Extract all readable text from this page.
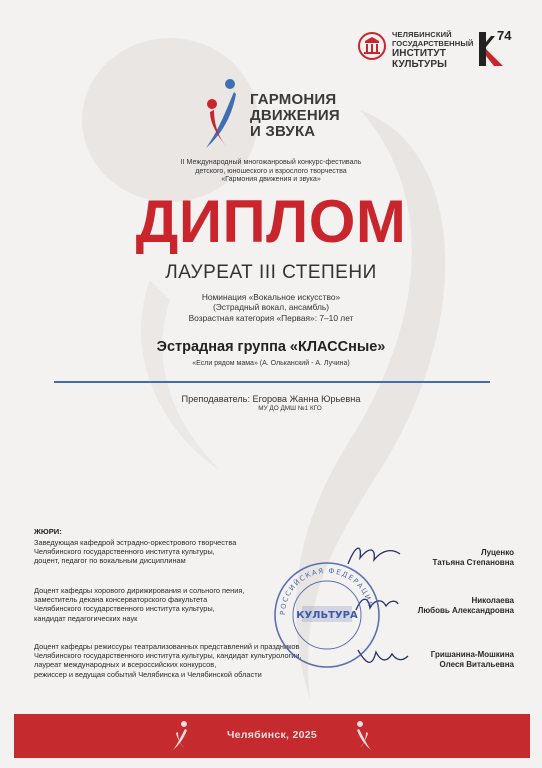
ЧЕЛЯБИНСКИЙ
ГОСУДАРСТВЕННЫЙ
ИНСТИТУТ
КУЛЬТУРЫ
74
ГАРМОНИЯ
ДВИЖЕНИЯ
И ЗВУКА
II Международный многожанровый конкурс-фестиваль
детского, юношеского и взрослого творчества
«Гармония движения и звука»
ДИПЛОМ
ЛАУРЕАТ III СТЕПЕНИ
Номинация «Вокальное искусство»
(Эстрадный вокал, ансамбль)
Возрастная категория «Первая»: 7–10 лет
Эстрадная группа «КЛАССные»
«Если рядом мама» (А. Ольканский - А. Лучина)
Преподаватель: Егорова Жанна Юрьевна
МУ ДО ДМШ №1 КГО
ЖЮРИ:
Заведующая кафедрой эстрадно-оркестрового творчества
Челябинского государственного института культуры,
доцент, педагог по вокальным дисциплинам
Луценко
Татьяна Степановна
Доцент кафедры хорового дирижирования и сольного пения,
заместитель декана консерваторского факультета
Челябинского государственного института культуры,
кандидат педагогических наук
Николаева
Любовь Александровна
Доцент кафедры режиссуры театрализованных представлений и праздников
Челябинского государственного института культуры, кандидат культурологии,
лауреат международных и всероссийских конкурсов,
режиссер и ведущая событий Челябинска и Челябинской области
Гришанина-Мошкина
Олеся Витальевна
РОССИЙСКАЯ ФЕДЕРАЦИЯ
КУЛЬТУРА
Челябинск, 2025
